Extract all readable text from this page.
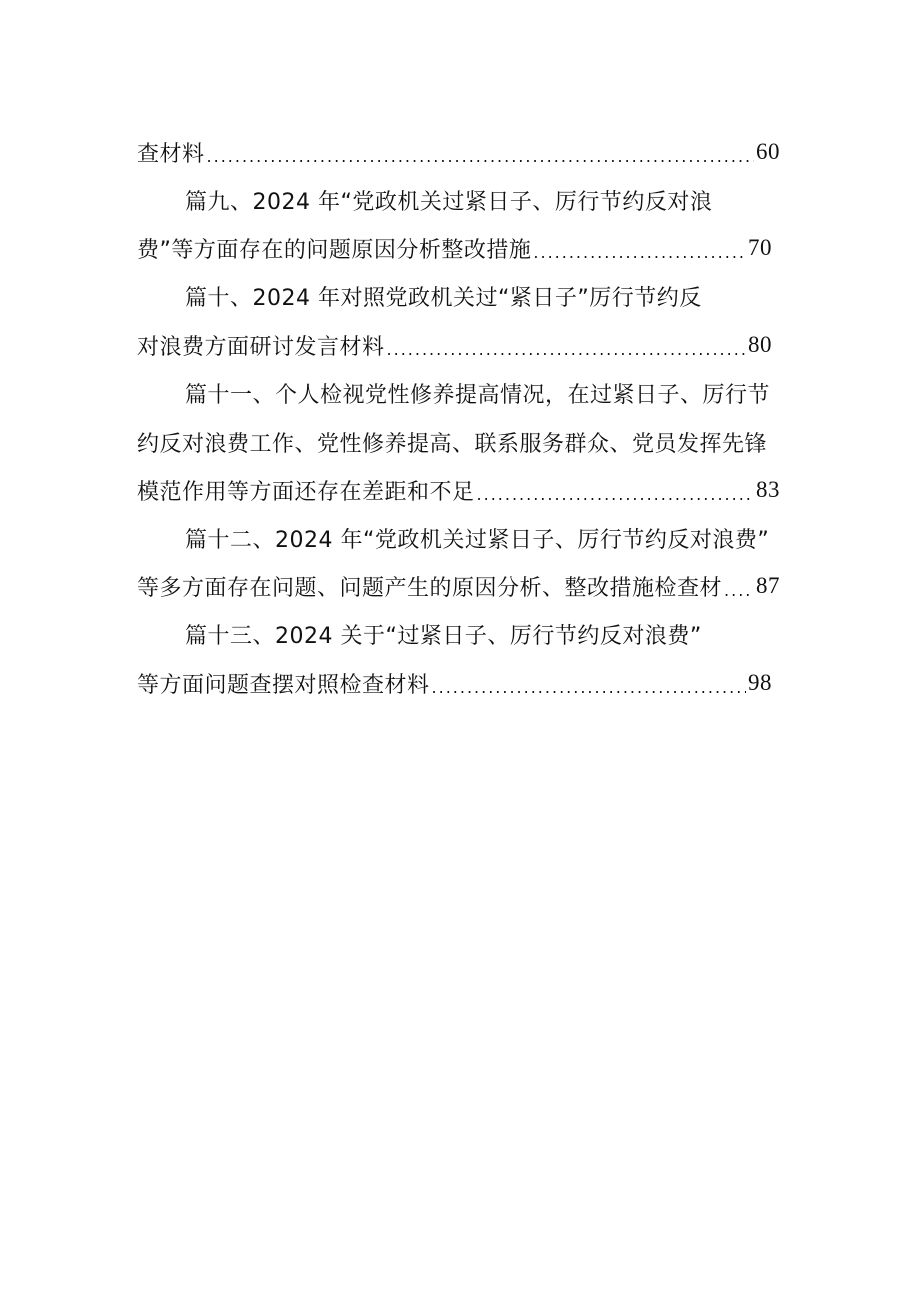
查材料 .....	60
篇九、2024 年“党政机关过紧日子、厉行节约反对浪
费”等方面存在的问题原因分析整改措施 .....	70
篇十、2024 年对照党政机关过“紧日子”厉行节约反
对浪费方面研讨发言材料 .....	80
篇十一、个人检视党性修养提高情况，在过紧日子、厉行节
约反对浪费工作、党性修养提高、联系服务群众、党员发挥先锋
模范作用等方面还存在差距和不足 .....	83
篇十二、2024 年“党政机关过紧日子、厉行节约反对浪费”
等多方面存在问题、问题产生的原因分析、整改措施检查材 ..... 87
篇十三、2024 关于“过紧日子、厉行节约反对浪费”
等方面问题查摆对照检查材料 .....	98
